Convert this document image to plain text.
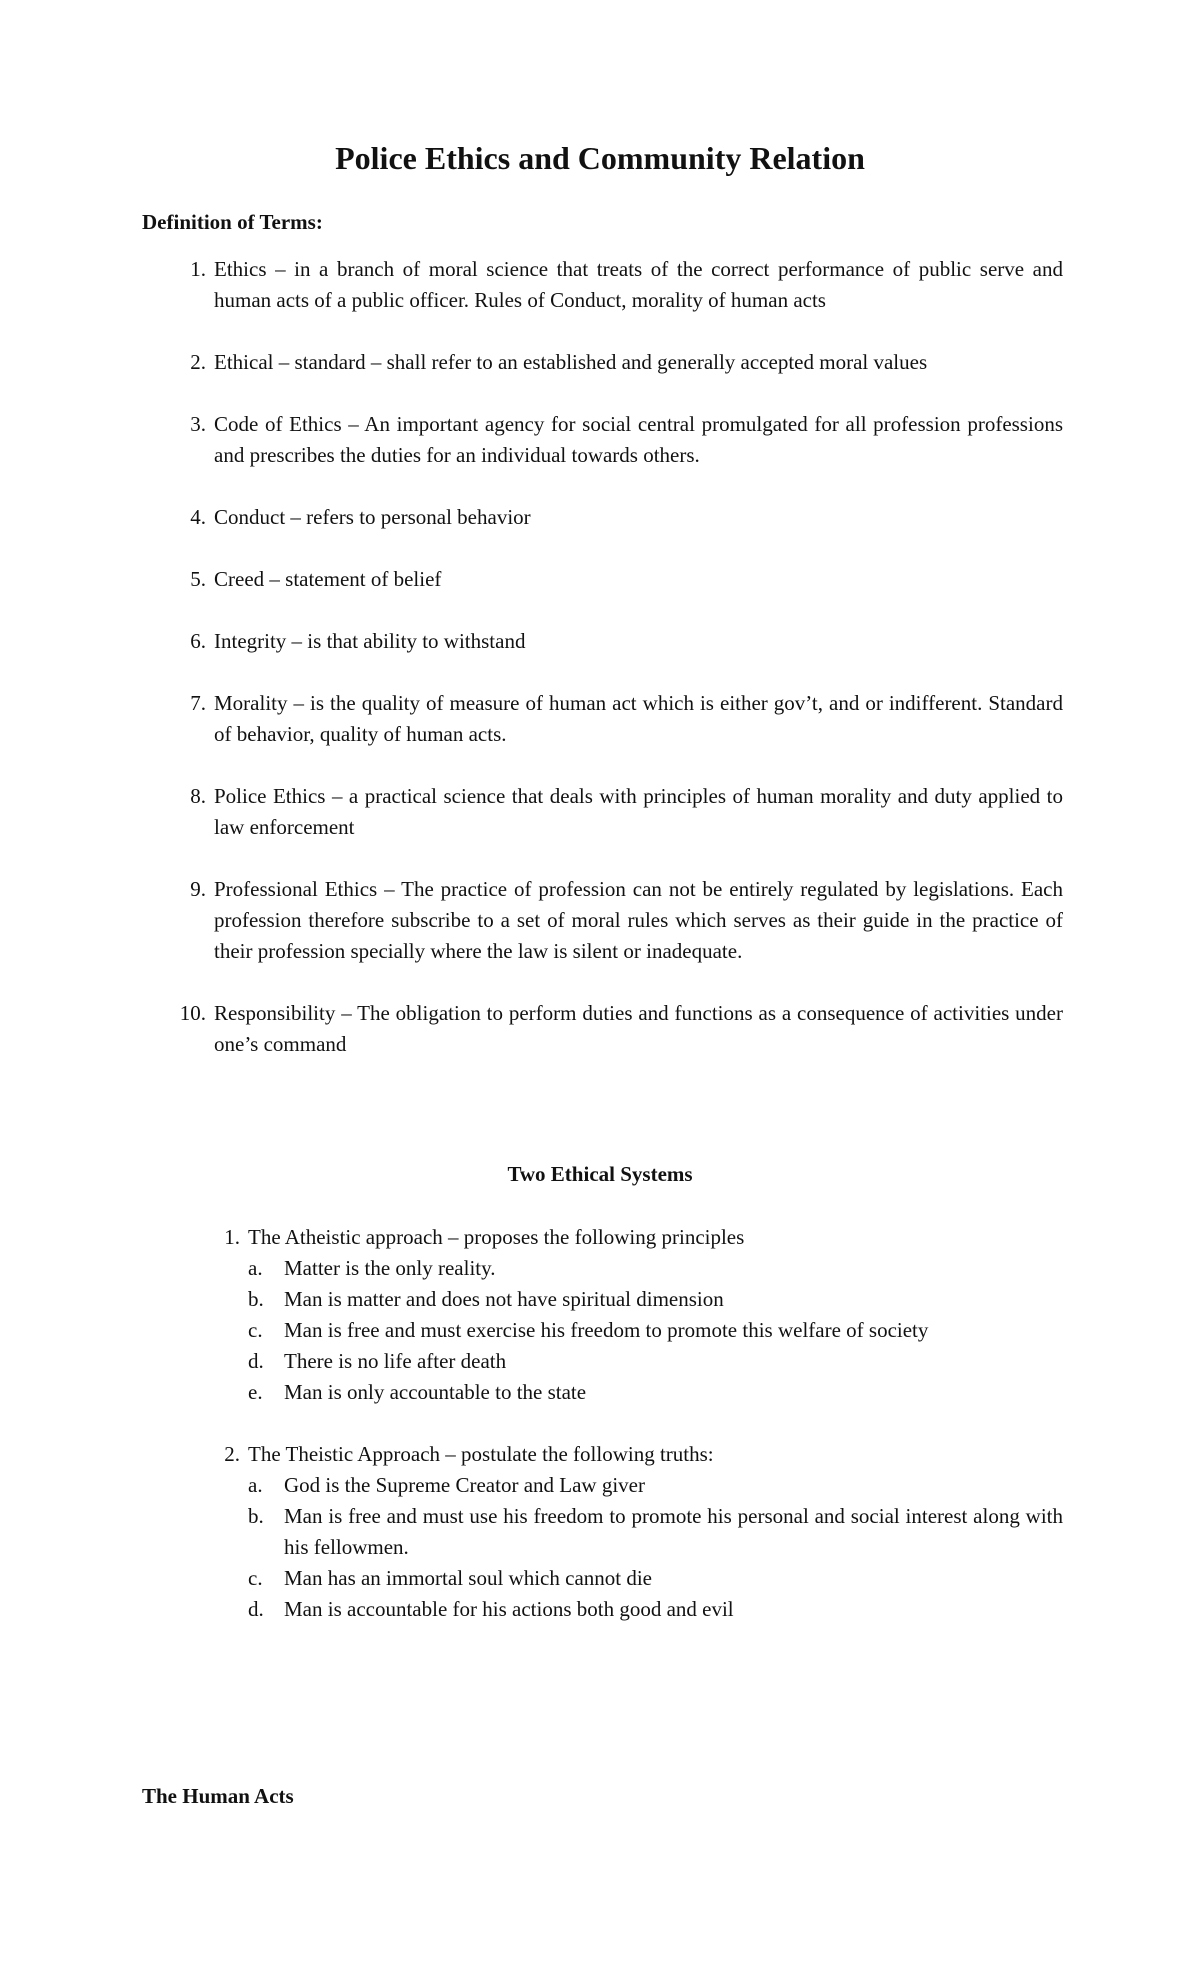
Police Ethics and Community Relation
Definition of Terms:
1. Ethics – in a branch of moral science that treats of the correct performance of public serve and human acts of a public officer. Rules of Conduct, morality of human acts
2. Ethical – standard – shall refer to an established and generally accepted moral values
3. Code of Ethics – An important agency for social central promulgated for all profession professions and prescribes the duties for an individual towards others.
4. Conduct – refers to personal behavior
5. Creed – statement of belief
6. Integrity – is that ability to withstand
7. Morality – is the quality of measure of human act which is either gov’t, and or indifferent. Standard of behavior, quality of human acts.
8. Police Ethics – a practical science that deals with principles of human morality and duty applied to law enforcement
9. Professional Ethics – The practice of profession can not be entirely regulated by legislations. Each profession therefore subscribe to a set of moral rules which serves as their guide in the practice of their profession specially where the law is silent or inadequate.
10. Responsibility – The obligation to perform duties and functions as a consequence of activities under one’s command
Two Ethical Systems
1. The Atheistic approach – proposes the following principles
a. Matter is the only reality.
b. Man is matter and does not have spiritual dimension
c. Man is free and must exercise his freedom to promote this welfare of society
d. There is no life after death
e. Man is only accountable to the state
2. The Theistic Approach – postulate the following truths:
a. God is the Supreme Creator and Law giver
b. Man is free and must use his freedom to promote his personal and social interest along with his fellowmen.
c. Man has an immortal soul which cannot die
d. Man is accountable for his actions both good and evil
The Human Acts
